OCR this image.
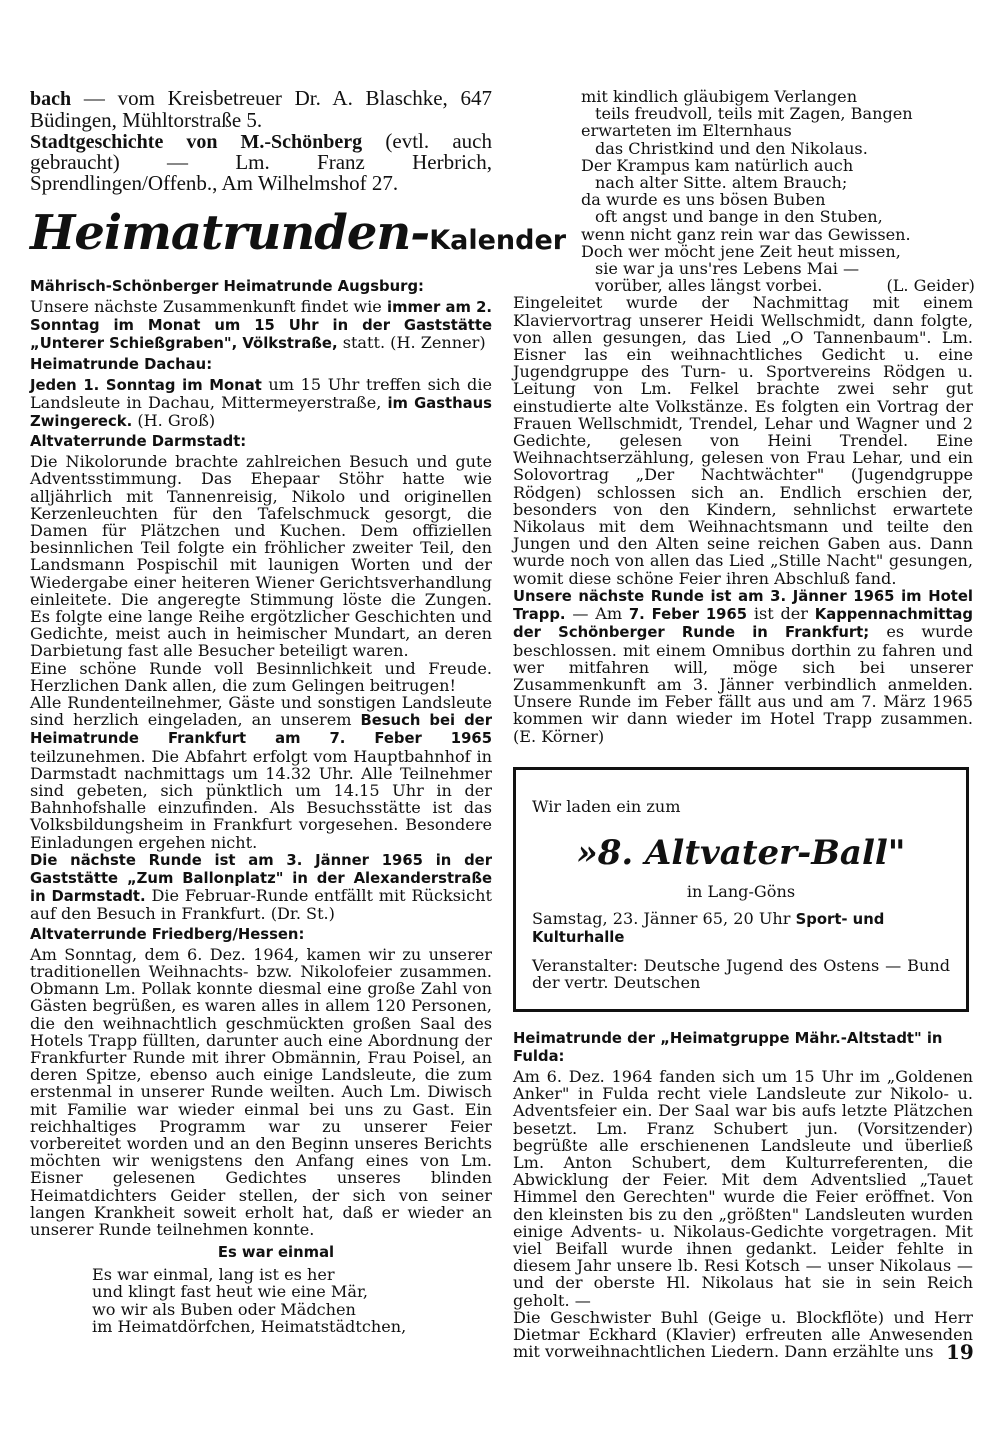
bach — vom Kreisbetreuer Dr. A. Blaschke, 647 Büdingen, Mühltorstraße 5.

Stadtgeschichte von M.-Schönberg (evtl. auch gebraucht) — Lm. Franz Herbrich, Sprendlingen/Offenb., Am Wilhelmshof 27.

Heimatrunden-Kalender
Mährisch-Schönberger Heimatrunde Augsburg:

Unsere nächste Zusammenkunft findet wie immer am 2. Sonntag im Monat um 15 Uhr in der Gaststätte „Unterer Schießgraben", Völkstraße, statt. (H. Zenner)

Heimatrunde Dachau:

Jeden 1. Sonntag im Monat um 15 Uhr treffen sich die Landsleute in Dachau, Mittermeyerstraße, im Gasthaus Zwingereck. (H. Groß)

Altvaterrunde Darmstadt:

Die Nikolorunde brachte zahlreichen Besuch und gute Adventsstimmung. Das Ehepaar Stöhr hatte wie alljährlich mit Tannenreisig, Nikolo und originellen Kerzenleuchten für den Tafelschmuck gesorgt, die Damen für Plätzchen und Kuchen. Dem offiziellen besinnlichen Teil folgte ein fröhlicher zweiter Teil, den Landsmann Pospischil mit launigen Worten und der Wiedergabe einer heiteren Wiener Gerichtsverhandlung einleitete. Die angeregte Stimmung löste die Zungen. Es folgte eine lange Reihe ergötzlicher Geschichten und Gedichte, meist auch in heimischer Mundart, an deren Darbietung fast alle Besucher beteiligt waren.

Eine schöne Runde voll Besinnlichkeit und Freude. Herzlichen Dank allen, die zum Gelingen beitrugen!

Alle Rundenteilnehmer, Gäste und sonstigen Landsleute sind herzlich eingeladen, an unserem Besuch bei der Heimatrunde Frankfurt am 7. Feber 1965 teilzunehmen. Die Abfahrt erfolgt vom Hauptbahnhof in Darmstadt nachmittags um 14.32 Uhr. Alle Teilnehmer sind gebeten, sich pünktlich um 14.15 Uhr in der Bahnhofshalle einzufinden. Als Besuchsstätte ist das Volksbildungsheim in Frankfurt vorgesehen. Besondere Einladungen ergehen nicht.

Die nächste Runde ist am 3. Jänner 1965 in der Gaststätte „Zum Ballonplatz" in der Alexanderstraße in Darmstadt. Die Februar-Runde entfällt mit Rücksicht auf den Besuch in Frankfurt. (Dr. St.)

Altvaterrunde Friedberg/Hessen:

Am Sonntag, dem 6. Dez. 1964, kamen wir zu unserer traditionellen Weihnachts- bzw. Nikolofeier zusammen. Obmann Lm. Pollak konnte diesmal eine große Zahl von Gästen begrüßen, es waren alles in allem 120 Personen, die den weihnachtlich geschmückten großen Saal des Hotels Trapp füllten, darunter auch eine Abordnung der Frankfurter Runde mit ihrer Obmännin, Frau Poisel, an deren Spitze, ebenso auch einige Landsleute, die zum erstenmal in unserer Runde weilten. Auch Lm. Diwisch mit Familie war wieder einmal bei uns zu Gast. Ein reichhaltiges Programm war zu unserer Feier vorbereitet worden und an den Beginn unseres Berichts möchten wir wenigstens den Anfang eines von Lm. Eisner gelesenen Gedichtes unseres blinden Heimatdichters Geider stellen, der sich von seiner langen Krankheit soweit erholt hat, daß er wieder an unserer Runde teilnehmen konnte.

Es war einmal

Es war einmal, lang ist es her

und klingt fast heut wie eine Mär,

wo wir als Buben oder Mädchen

im Heimatdörfchen, Heimatstädtchen,

mit kindlich gläubigem Verlangen

teils freudvoll, teils mit Zagen, Bangen

erwarteten im Elternhaus

das Christkind und den Nikolaus.

Der Krampus kam natürlich auch

nach alter Sitte. altem Brauch;

da wurde es uns bösen Buben

oft angst und bange in den Stuben,

wenn nicht ganz rein war das Gewissen.

Doch wer möcht jene Zeit heut missen,

sie war ja uns'res Lebens Mai —

vorüber, alles längst vorbei.	(L. Geider)

Eingeleitet wurde der Nachmittag mit einem Klaviervortrag unserer Heidi Wellschmidt, dann folgte, von allen gesungen, das Lied „O Tannenbaum". Lm. Eisner las ein weihnachtliches Gedicht u. eine Jugendgruppe des Turn- u. Sportvereins Rödgen u. Leitung von Lm. Felkel brachte zwei sehr gut einstudierte alte Volkstänze. Es folgten ein Vortrag der Frauen Wellschmidt, Trendel, Lehar und Wagner und 2 Gedichte, gelesen von Heini Trendel. Eine Weihnachtserzählung, gelesen von Frau Lehar, und ein Solovortrag „Der Nachtwächter" (Jugendgruppe Rödgen) schlossen sich an. Endlich erschien der, besonders von den Kindern, sehnlichst erwartete Nikolaus mit dem Weihnachtsmann und teilte den Jungen und den Alten seine reichen Gaben aus. Dann wurde noch von allen das Lied „Stille Nacht" gesungen, womit diese schöne Feier ihren Abschluß fand.

Unsere nächste Runde ist am 3. Jänner 1965 im Hotel Trapp. — Am 7. Feber 1965 ist der Kappennachmittag der Schönberger Runde in Frankfurt; es wurde beschlossen. mit einem Omnibus dorthin zu fahren und wer mitfahren will, möge sich bei unserer Zusammenkunft am 3. Jänner verbindlich anmelden. Unsere Runde im Feber fällt aus und am 7. März 1965 kommen wir dann wieder im Hotel Trapp zusammen. (E. Körner)

Wir laden ein zum

»8. Altvater-Ball"

in Lang-Göns

Samstag, 23. Jänner 65, 20 Uhr Sport- und Kulturhalle

Veranstalter: Deutsche Jugend des Ostens — Bund der vertr. Deutschen

Heimatrunde der „Heimatgruppe Mähr.-Altstadt" in Fulda:

Am 6. Dez. 1964 fanden sich um 15 Uhr im „Goldenen Anker" in Fulda recht viele Landsleute zur Nikolo- u. Adventsfeier ein. Der Saal war bis aufs letzte Plätzchen besetzt. Lm. Franz Schubert jun. (Vorsitzender) begrüßte alle erschienenen Landsleute und überließ Lm. Anton Schubert, dem Kulturreferenten, die Abwicklung der Feier. Mit dem Adventslied „Tauet Himmel den Gerechten" wurde die Feier eröffnet. Von den kleinsten bis zu den „größten" Landsleuten wurden einige Advents- u. Nikolaus-Gedichte vorgetragen. Mit viel Beifall wurde ihnen gedankt. Leider fehlte in diesem Jahr unsere lb. Resi Kotsch — unser Nikolaus — und der oberste Hl. Nikolaus hat sie in sein Reich geholt. —

Die Geschwister Buhl (Geige u. Blockflöte) und Herr Dietmar Eckhard (Klavier) erfreuten alle Anwesenden mit vorweihnachtlichen Liedern. Dann erzählte uns 19
